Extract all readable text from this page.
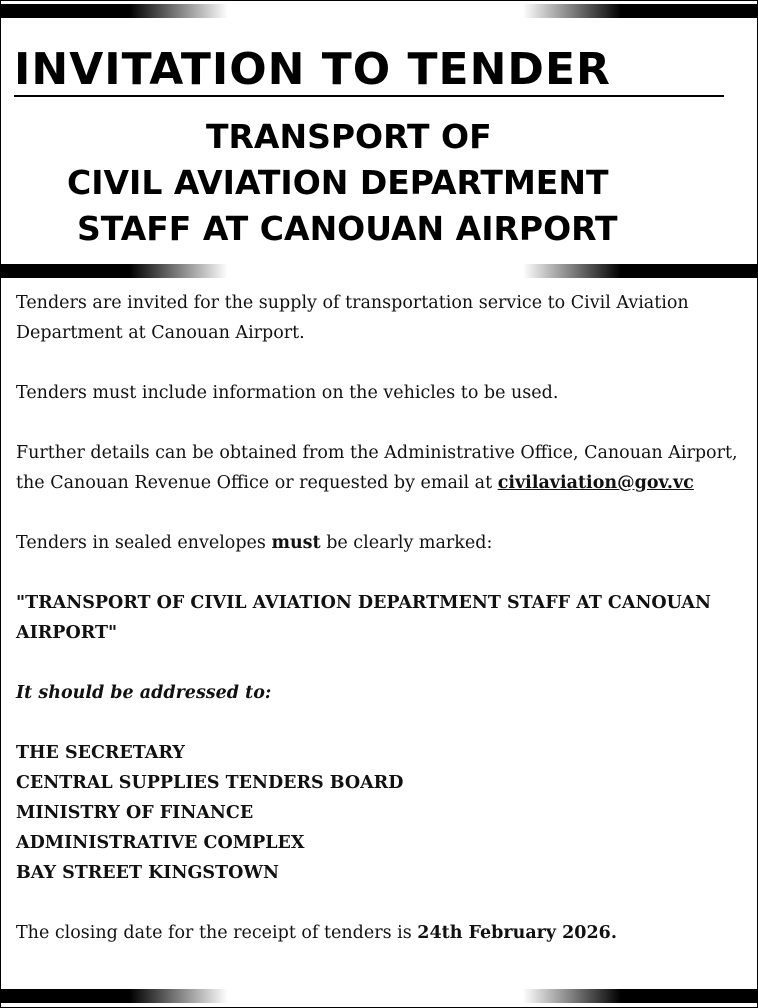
INVITATION TO TENDER
TRANSPORT OF
CIVIL AVIATION DEPARTMENT
STAFF AT CANOUAN AIRPORT

Tenders are invited for the supply of transportation service to Civil Aviation Department at Canouan Airport.

Tenders must include information on the vehicles to be used.

Further details can be obtained from the Administrative Office, Canouan Airport, the Canouan Revenue Office or requested by email at civilaviation@gov.vc

Tenders in sealed envelopes must be clearly marked:

"TRANSPORT OF CIVIL AVIATION DEPARTMENT STAFF AT CANOUAN AIRPORT"

It should be addressed to:

THE SECRETARY
CENTRAL SUPPLIES TENDERS BOARD
MINISTRY OF FINANCE
ADMINISTRATIVE COMPLEX
BAY STREET KINGSTOWN

The closing date for the receipt of tenders is 24th February 2026.
